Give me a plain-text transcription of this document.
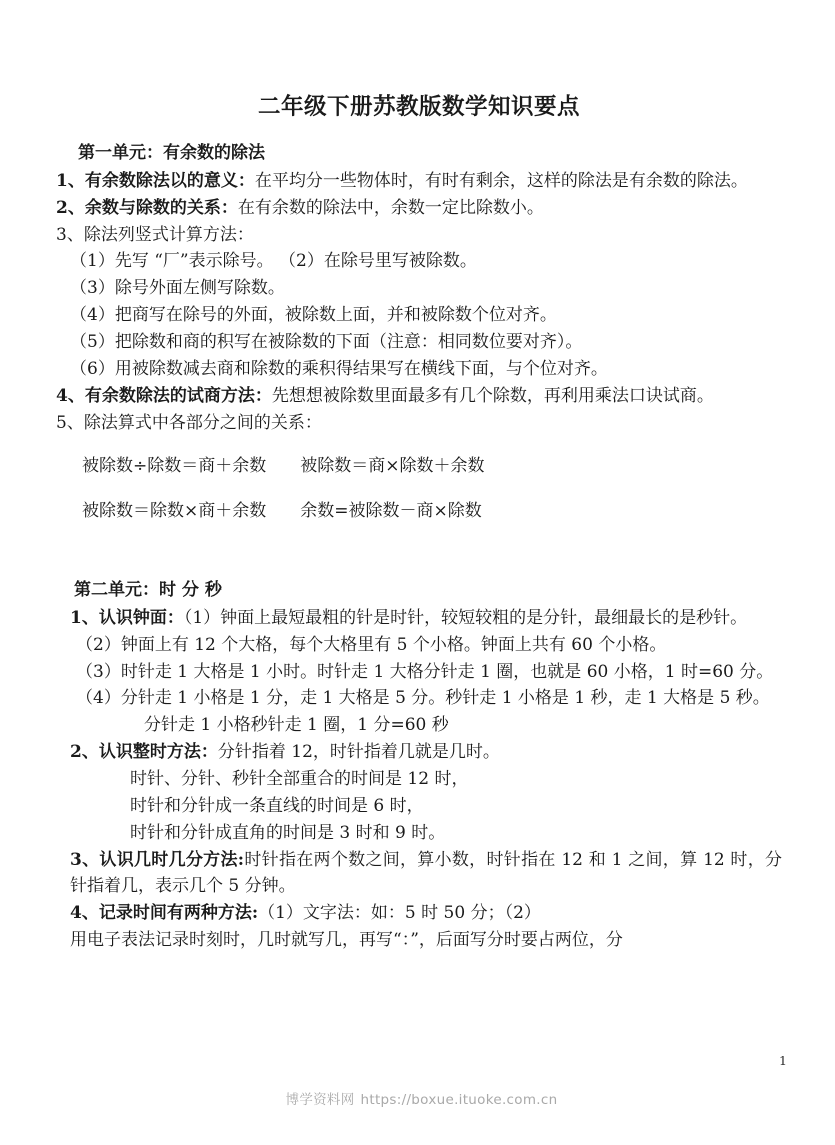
二年级下册苏教版数学知识要点

第一单元：有余数的除法

1、有余数除法以的意义：在平均分一些物体时，有时有剩余，这样的除法是有余数的除法。

2、余数与除数的关系：在有余数的除法中，余数一定比除数小。

3、除法列竖式计算方法：

（1）先写 “厂”表示除号。 （2）在除号里写被除数。

（3）除号外面左侧写除数。

（4）把商写在除号的外面，被除数上面，并和被除数个位对齐。

（5）把除数和商的积写在被除数的下面（注意：相同数位要对齐）。

（6）用被除数减去商和除数的乘积得结果写在横线下面，与个位对齐。

4、有余数除法的试商方法：先想想被除数里面最多有几个除数，再利用乘法口诀试商。

5、除法算式中各部分之间的关系：

被除数÷除数＝商＋余数　　被除数＝商×除数＋余数

被除数＝除数×商＋余数　　余数=被除数－商×除数

第二单元：时 分 秒

1、认识钟面：（1）钟面上最短最粗的针是时针，较短较粗的是分针，最细最长的是秒针。

（2）钟面上有 12 个大格，每个大格里有 5 个小格。钟面上共有 60 个小格。

（3）时针走 1 大格是 1 小时。时针走 1 大格分针走 1 圈，也就是 60 小格，1 时=60 分。

（4）分针走 1 小格是 1 分，走 1 大格是 5 分。秒针走 1 小格是 1 秒，走 1 大格是 5 秒。

分针走 1 小格秒针走 1 圈，1 分=60 秒

2、认识整时方法：分针指着 12，时针指着几就是几时。

时针、分针、秒针全部重合的时间是 12 时，

时针和分针成一条直线的时间是 6 时，

时针和分针成直角的时间是 3 时和 9 时。

3、认识几时几分方法:时针指在两个数之间，算小数，时针指在 12 和 1 之间，算 12 时，分针指着几，表示几个 5 分钟。

4、记录时间有两种方法:（1）文字法：如：5 时 50 分；（2）

用电子表法记录时刻时，几时就写几，再写“：”，后面写分时要占两位，分

1
博学资料网 https://boxue.ituoke.com.cn
